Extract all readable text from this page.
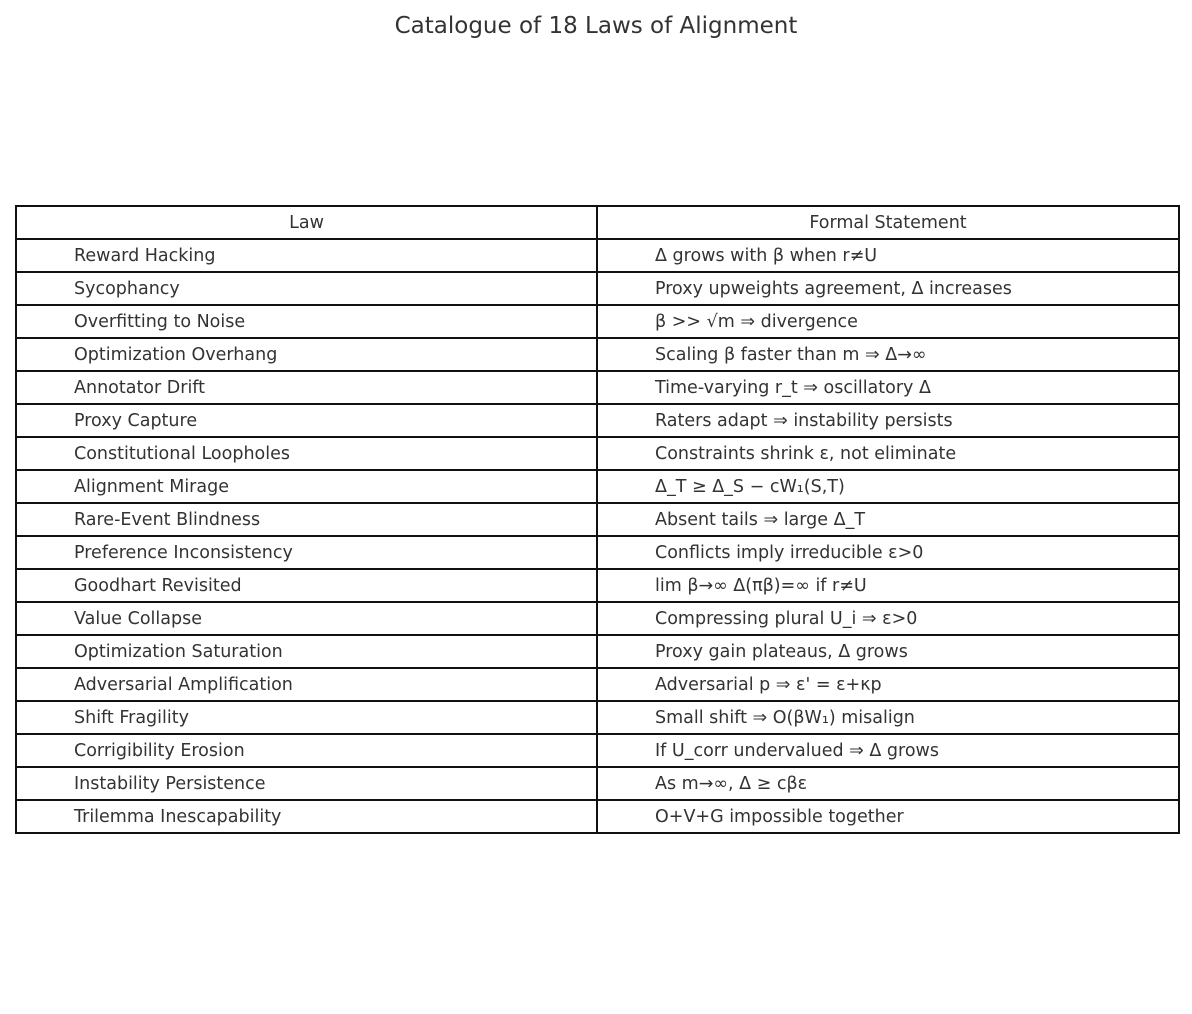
Catalogue of 18 Laws of Alignment
Law	Formal Statement
Reward Hacking	Δ grows with β when r≠U
Sycophancy	Proxy upweights agreement, Δ increases
Overfitting to Noise	β >> √m ⇒ divergence
Optimization Overhang	Scaling β faster than m ⇒ Δ→∞
Annotator Drift	Time-varying r_t ⇒ oscillatory Δ
Proxy Capture	Raters adapt ⇒ instability persists
Constitutional Loopholes	Constraints shrink ε, not eliminate
Alignment Mirage	Δ_T ≥ Δ_S − cW₁(S,T)
Rare-Event Blindness	Absent tails ⇒ large Δ_T
Preference Inconsistency	Conflicts imply irreducible ε>0
Goodhart Revisited	lim β→∞ Δ(πβ)=∞ if r≠U
Value Collapse	Compressing plural U_i ⇒ ε>0
Optimization Saturation	Proxy gain plateaus, Δ grows
Adversarial Amplification	Adversarial p ⇒ ε' = ε+κp
Shift Fragility	Small shift ⇒ O(βW₁) misalign
Corrigibility Erosion	If U_corr undervalued ⇒ Δ grows
Instability Persistence	As m→∞, Δ ≥ cβε
Trilemma Inescapability	O+V+G impossible together
